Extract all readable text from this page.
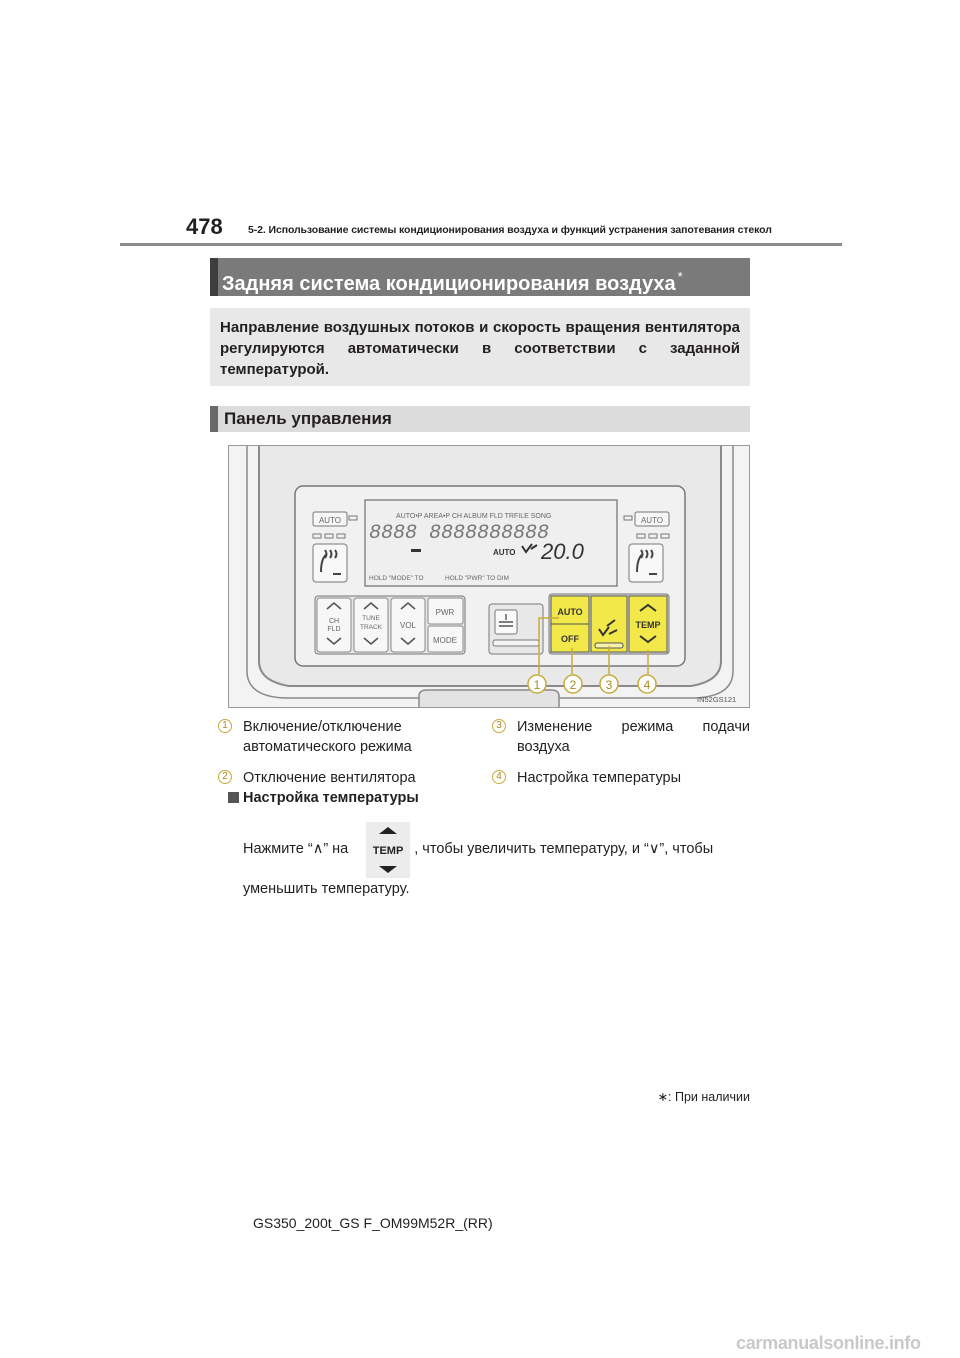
478 5-2. Использование системы кондиционирования воздуха и функций устранения запотевания стекол
Задняя система кондиционирования воздуха *
Направление воздушных потоков и скорость вращения вентилятора регулируются автоматически в соответствии с заданной температурой.
Панель управления
AUTO•P AREA•P CH ALBUM FLD TRFILE SONG
8888 8888888888
AUTO 20.0
HOLD "MODE" TO	HOLD "PWR" TO DIM
AUTO	AUTO
CH
FLD
TUNE
TRACK VOL
PWR
MODE
AUTO
OFF
TEMP
1 2 3	4
IN52GS121
1 Включение/отключение автоматического режима
2 Отключение вентилятора
3 Изменение режима подачи воздуха
4 Настройка температуры
Настройка температуры
Нажмите “∧” на	, чтобы увеличить температуру, и “∨”, чтобы
TEMP
уменьшить температуру.
∗: При наличии
GS350_200t_GS F_OM99M52R_(RR)
carmanualsonline.info
